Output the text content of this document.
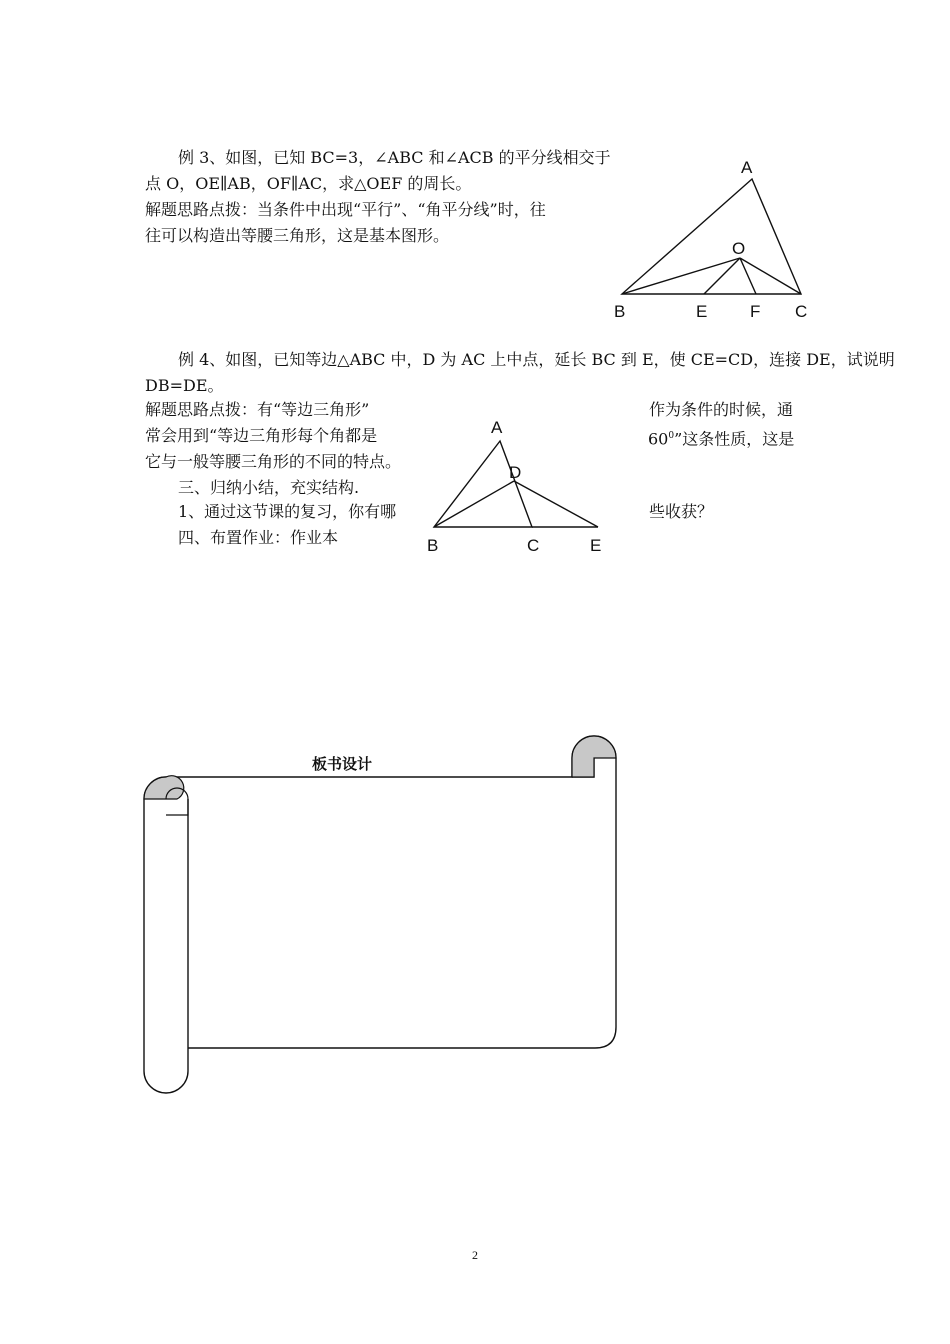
例 3、如图，已知 BC=3，∠ABC 和∠ACB 的平分线相交于
点 O，OE∥AB，OF∥AC，求△OEF 的周长。
解题思路点拨：当条件中出现“平行”、“角平分线”时，往
往可以构造出等腰三角形，这是基本图形。
A
O
B	E	F C
例 4、如图，已知等边△ABC 中，D 为 AC 上中点，延长 BC 到 E，使 CE=CD，连接 DE，试说明
DB=DE。
解题思路点拨：有“等边三角形”	作为条件的时候，通
常会用到“等边三角形每个角都是	$60^0$”这条性质，这是
它与一般等腰三角形的不同的特点。
三、归纳小结，充实结构.
1、通过这节课的复习，你有哪	些收获？
四、布置作业：作业本
A
D
B	C	E
板书设计
2
